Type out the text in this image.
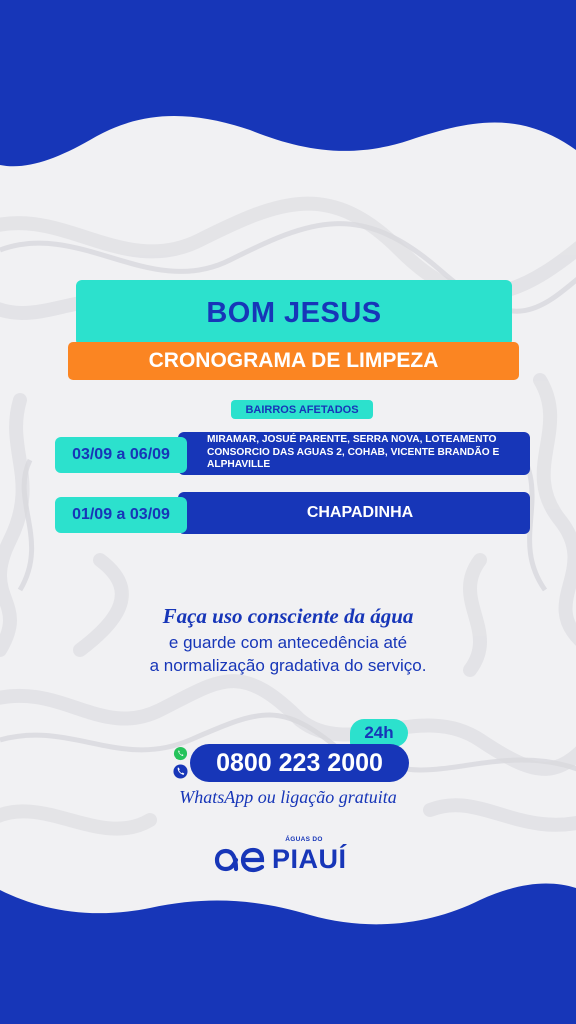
BOM JESUS
CRONOGRAMA DE LIMPEZA
BAIRROS AFETADOS
03/09 a 06/09
MIRAMAR, JOSUÉ PARENTE, SERRA NOVA, LOTEAMENTO CONSORCIO DAS AGUAS 2, COHAB, VICENTE BRANDÃO E ALPHAVILLE
01/09 a 03/09	CHAPADINHA
Faça uso consciente da água
e guarde com antecedência até
a normalização gradativa do serviço.
24h
0800 223 2000
WhatsApp ou ligação gratuita
ÁGUAS DO
PIAUÍ
